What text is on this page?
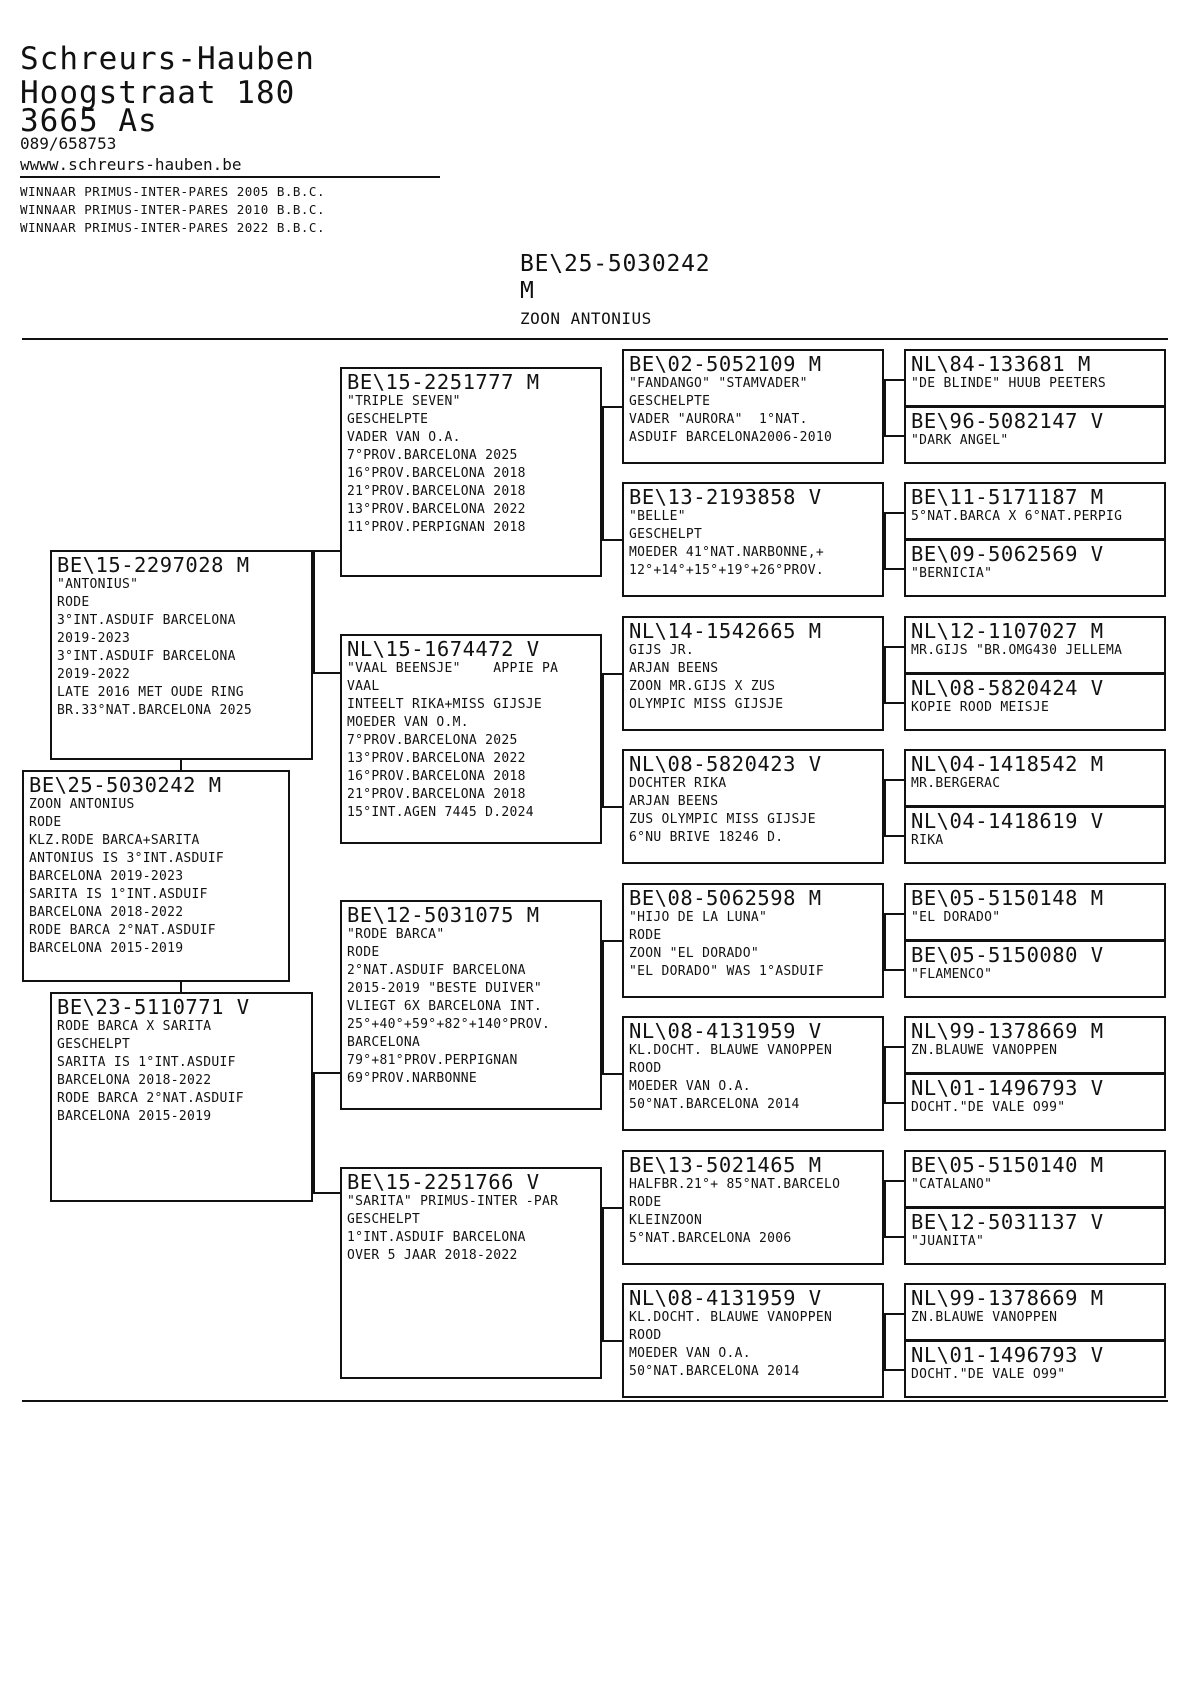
Schreurs-Hauben
Hoogstraat 180
3665 As
089/658753
wwww.schreurs-hauben.be
WINNAAR PRIMUS-INTER-PARES 2005 B.B.C.
WINNAAR PRIMUS-INTER-PARES 2010 B.B.C.
WINNAAR PRIMUS-INTER-PARES 2022 B.B.C.
BE\25-5030242
M
ZOON ANTONIUS
BE\15-2297028 M
"ANTONIUS"
RODE
3°INT.ASDUIF BARCELONA
2019-2023
3°INT.ASDUIF BARCELONA
2019-2022
LATE 2016 MET OUDE RING
BR.33°NAT.BARCELONA 2025
BE\25-5030242 M
ZOON ANTONIUS
RODE
KLZ.RODE BARCA+SARITA
ANTONIUS IS 3°INT.ASDUIF
BARCELONA 2019-2023
SARITA IS 1°INT.ASDUIF
BARCELONA 2018-2022
RODE BARCA 2°NAT.ASDUIF
BARCELONA 2015-2019
BE\23-5110771 V
RODE BARCA X SARITA
GESCHELPT
SARITA IS 1°INT.ASDUIF
BARCELONA 2018-2022
RODE BARCA 2°NAT.ASDUIF
BARCELONA 2015-2019
BE\15-2251777 M
"TRIPLE SEVEN"
GESCHELPTE
VADER VAN O.A.
7°PROV.BARCELONA 2025
16°PROV.BARCELONA 2018
21°PROV.BARCELONA 2018
13°PROV.BARCELONA 2022
11°PROV.PERPIGNAN 2018
NL\15-1674472 V
"VAAL BEENSJE"    APPIE PA
VAAL
INTEELT RIKA+MISS GIJSJE
MOEDER VAN O.M.
7°PROV.BARCELONA 2025
13°PROV.BARCELONA 2022
16°PROV.BARCELONA 2018
21°PROV.BARCELONA 2018
15°INT.AGEN 7445 D.2024
BE\12-5031075 M
"RODE BARCA"
RODE
2°NAT.ASDUIF BARCELONA
2015-2019 "BESTE DUIVER"
VLIEGT 6X BARCELONA INT.
25°+40°+59°+82°+140°PROV.
BARCELONA
79°+81°PROV.PERPIGNAN
69°PROV.NARBONNE
BE\15-2251766 V
"SARITA" PRIMUS-INTER -PAR
GESCHELPT
1°INT.ASDUIF BARCELONA
OVER 5 JAAR 2018-2022
BE\02-5052109 M
"FANDANGO" "STAMVADER"
GESCHELPTE
VADER "AURORA"  1°NAT.
ASDUIF BARCELONA2006-2010
BE\13-2193858 V
"BELLE"
GESCHELPT
MOEDER 41°NAT.NARBONNE,+
12°+14°+15°+19°+26°PROV.
NL\14-1542665 M
GIJS JR.
ARJAN BEENS
ZOON MR.GIJS X ZUS
OLYMPIC MISS GIJSJE
NL\08-5820423 V
DOCHTER RIKA
ARJAN BEENS
ZUS OLYMPIC MISS GIJSJE
6°NU BRIVE 18246 D.
BE\08-5062598 M
"HIJO DE LA LUNA"
RODE
ZOON "EL DORADO"
"EL DORADO" WAS 1°ASDUIF
NL\08-4131959 V
KL.DOCHT. BLAUWE VANOPPEN
ROOD
MOEDER VAN O.A.
50°NAT.BARCELONA 2014
BE\13-5021465 M
HALFBR.21°+ 85°NAT.BARCELO
RODE
KLEINZOON
5°NAT.BARCELONA 2006
NL\08-4131959 V
KL.DOCHT. BLAUWE VANOPPEN
ROOD
MOEDER VAN O.A.
50°NAT.BARCELONA 2014
NL\84-133681 M
"DE BLINDE" HUUB PEETERS
BE\96-5082147 V
"DARK ANGEL"
BE\11-5171187 M
5°NAT.BARCA X 6°NAT.PERPIG
BE\09-5062569 V
"BERNICIA"
NL\12-1107027 M
MR.GIJS "BR.OMG430 JELLEMA
NL\08-5820424 V
KOPIE ROOD MEISJE
NL\04-1418542 M
MR.BERGERAC
NL\04-1418619 V
RIKA
BE\05-5150148 M
"EL DORADO"
BE\05-5150080 V
"FLAMENCO"
NL\99-1378669 M
ZN.BLAUWE VANOPPEN
NL\01-1496793 V
DOCHT."DE VALE O99"
BE\05-5150140 M
"CATALANO"
BE\12-5031137 V
"JUANITA"
NL\99-1378669 M
ZN.BLAUWE VANOPPEN
NL\01-1496793 V
DOCHT."DE VALE O99"
